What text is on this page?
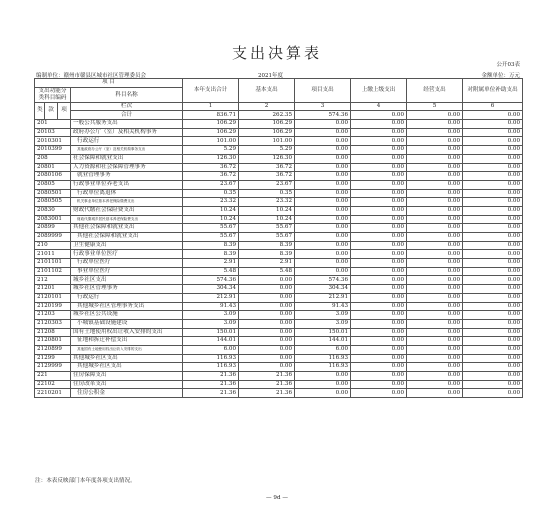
支出决算表
公开03表
编制单位：赣州市赣县区城市社区管理委员会	2021年度	金额单位：万元
项 目				本年支出合计	基本支出	项目支出	上缴上级支出	经营支出	对附属单位补助支出
支出功能分类科目编码			科目名称						

类	款	项	栏次	1	2	3	4	5	6
			合计	836.71	262.35	574.36	0.00	0.00	0.00
201			一般公共服务支出	106.29	106.29	0.00	0.00	0.00	0.00
20103			政府办公厅（室）及相关机构事务	106.29	106.29	0.00	0.00	0.00	0.00
2010301			行政运行	101.00	101.00	0.00	0.00	0.00	0.00
2010399			其他政府办公厅（室）及相关机构事务支出	5.29	5.29	0.00	0.00	0.00	0.00
208			社会保障和就业支出	126.30	126.30	0.00	0.00	0.00	0.00
20801			人力资源和社会保障管理事务	36.72	36.72	0.00	0.00	0.00	0.00
2080106			就业管理事务	36.72	36.72	0.00	0.00	0.00	0.00
20805			行政事业单位养老支出	23.67	23.67	0.00	0.00	0.00	0.00
2080501			行政单位离退休	0.35	0.35	0.00	0.00	0.00	0.00
2080505			机关事业单位基本养老保险缴费支出	23.32	23.32	0.00	0.00	0.00	0.00
20830			财政代缴社会保险费支出	10.24	10.24	0.00	0.00	0.00	0.00
2083001			财政代缴城乡居民基本养老保险费支出	10.24	10.24	0.00	0.00	0.00	0.00
20899			其他社会保障和就业支出	55.67	55.67	0.00	0.00	0.00	0.00
2089999			其他社会保障和就业支出	55.67	55.67	0.00	0.00	0.00	0.00
210			卫生健康支出	8.39	8.39	0.00	0.00	0.00	0.00
21011			行政事业单位医疗	8.39	8.39	0.00	0.00	0.00	0.00
2101101			行政单位医疗	2.91	2.91	0.00	0.00	0.00	0.00
2101102			事业单位医疗	5.48	5.48	0.00	0.00	0.00	0.00
212			城乡社区支出	574.36	0.00	574.36	0.00	0.00	0.00
21201			城乡社区管理事务	304.34	0.00	304.34	0.00	0.00	0.00
2120101			行政运行	212.91	0.00	212.91	0.00	0.00	0.00
2120199			其他城乡社区管理事务支出	91.43	0.00	91.43	0.00	0.00	0.00
21203			城乡社区公共设施	3.09	0.00	3.09	0.00	0.00	0.00
2120303			小城镇基础设施建设	3.09	0.00	3.09	0.00	0.00	0.00
21208			国有土地使用权出让收入安排的支出	150.01	0.00	150.01	0.00	0.00	0.00
2120801			征地和拆迁补偿支出	144.01	0.00	144.01	0.00	0.00	0.00
2120899			其他国有土地使用权出让收入安排的支出	6.00	0.00	6.00	0.00	0.00	0.00
21299			其他城乡社区支出	116.93	0.00	116.93	0.00	0.00	0.00
2129999			其他城乡社区支出	116.93	0.00	116.93	0.00	0.00	0.00
221			住房保障支出	21.36	21.36	0.00	0.00	0.00	0.00
22102			住房改革支出	21.36	21.36	0.00	0.00	0.00	0.00
2210201			住房公积金	21.36	21.36	0.00	0.00	0.00	0.00
注：本表反映部门本年度各项支出情况。
— 9d —
